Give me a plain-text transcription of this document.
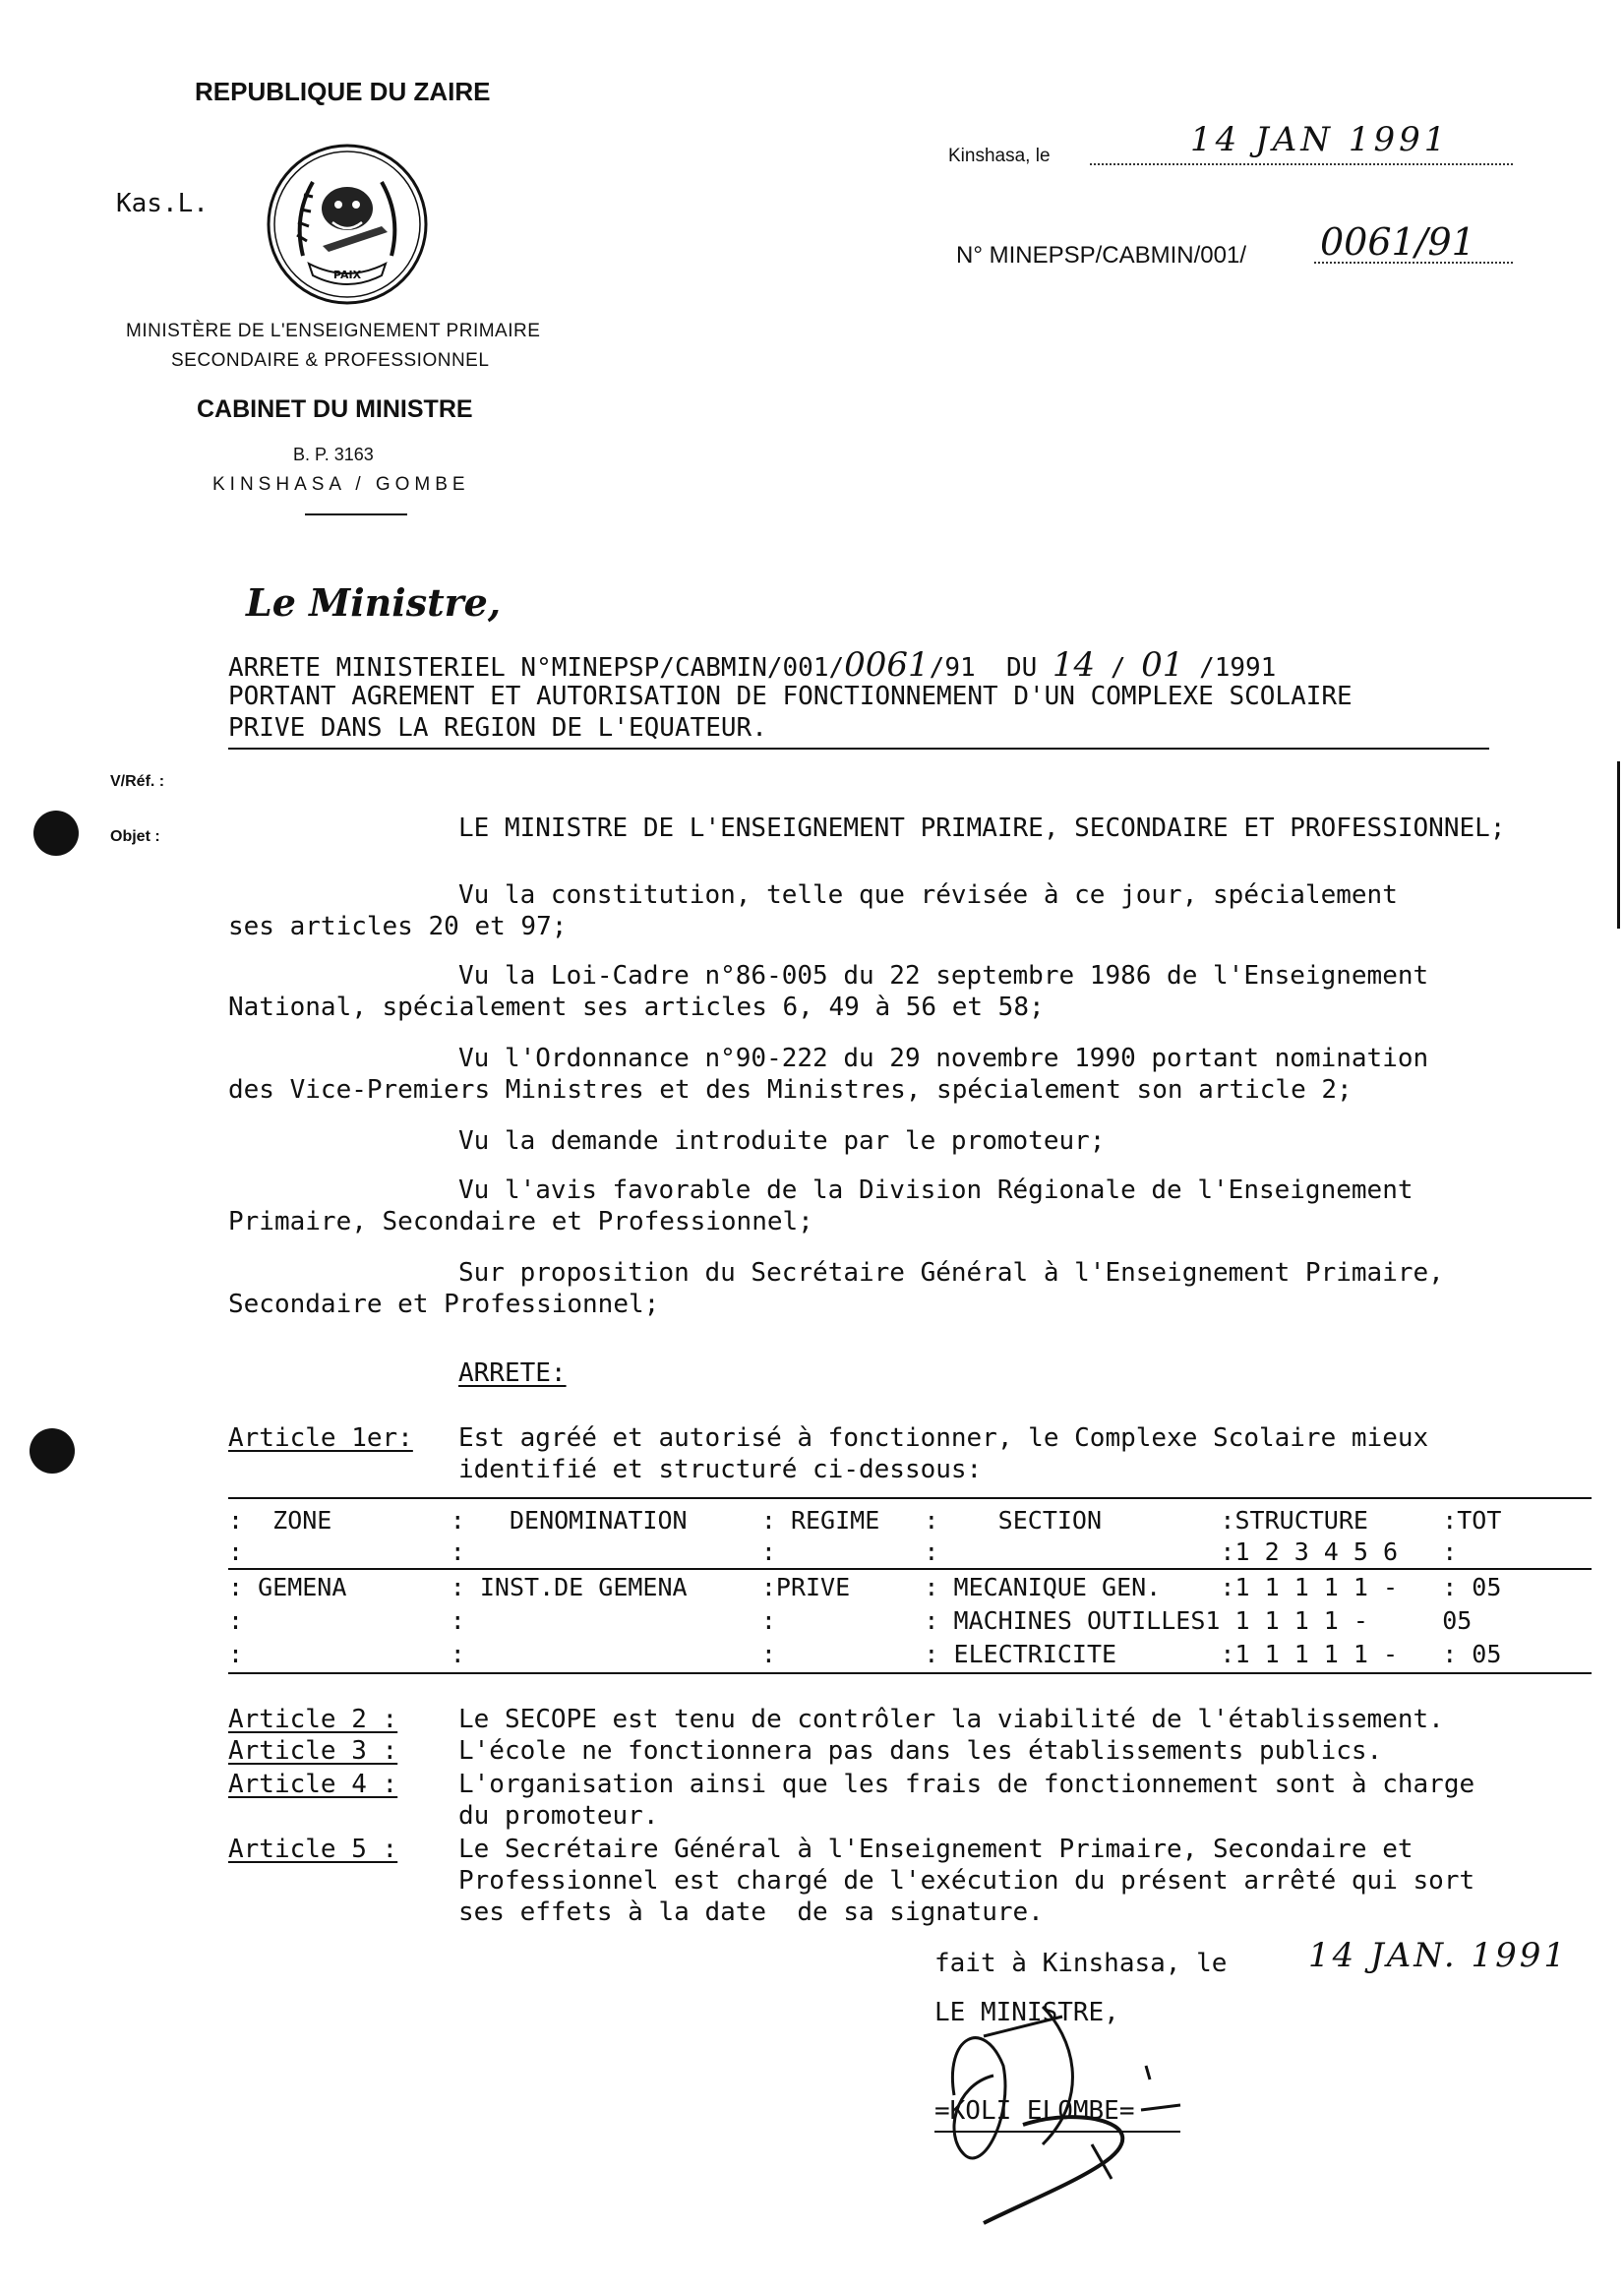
REPUBLIQUE DU ZAIRE
Kas.L.
PAIX
MINISTÈRE DE L'ENSEIGNEMENT PRIMAIRE
SECONDAIRE & PROFESSIONNEL
CABINET DU MINISTRE
B. P. 3163
KINSHASA / GOMBE
Kinshasa, le	14 JAN 1991
N° MINEPSP/CABMIN/001/ 0061/91
Le Ministre,
ARRETE MINISTERIEL N°MINEPSP/CABMIN/001/0061/91  DU 14 / 01 /1991
PORTANT AGREMENT ET AUTORISATION DE FONCTIONNEMENT D'UN COMPLEXE SCOLAIRE
PRIVE DANS LA REGION DE L'EQUATEUR.
V/Réf. :
Objet :	LE MINISTRE DE L'ENSEIGNEMENT PRIMAIRE, SECONDAIRE ET PROFESSIONNEL;
Vu la constitution, telle que révisée à ce jour, spécialement
ses articles 20 et 97;
Vu la Loi-Cadre n°86-005 du 22 septembre 1986 de l'Enseignement
National, spécialement ses articles 6, 49 à 56 et 58;
Vu l'Ordonnance n°90-222 du 29 novembre 1990 portant nomination
des Vice-Premiers Ministres et des Ministres, spécialement son article 2;
Vu la demande introduite par le promoteur;
Vu l'avis favorable de la Division Régionale de l'Enseignement
Primaire, Secondaire et Professionnel;
Sur proposition du Secrétaire Général à l'Enseignement Primaire,
Secondaire et Professionnel;
ARRETE:
Article 1er: Est agréé et autorisé à fonctionner, le Complexe Scolaire mieux
identifié et structuré ci-dessous:
:  ZONE        :   DENOMINATION     : REGIME   :    SECTION        :STRUCTURE     :TOT
:              :                    :          :                   :1 2 3 4 5 6   :
: GEMENA       : INST.DE GEMENA     :PRIVE     : MECANIQUE GEN.    :1 1 1 1 1 -   : 05
:              :                    :          : MACHINES OUTILLES1 1 1 1 1 -     05
:              :                    :          : ELECTRICITE       :1 1 1 1 1 -   : 05
Article 2 : Le SECOPE est tenu de contrôler la viabilité de l'établissement.
Article 3 : L'école ne fonctionnera pas dans les établissements publics.
Article 4 : L'organisation ainsi que les frais de fonctionnement sont à charge
du promoteur.
Article 5 : Le Secrétaire Général à l'Enseignement Primaire, Secondaire et
Professionnel est chargé de l'exécution du présent arrêté qui sort
ses effets à la date  de sa signature.
fait à Kinshasa, le 14 JAN. 1991
LE MINISTRE,
=KOLI ELOMBE=
